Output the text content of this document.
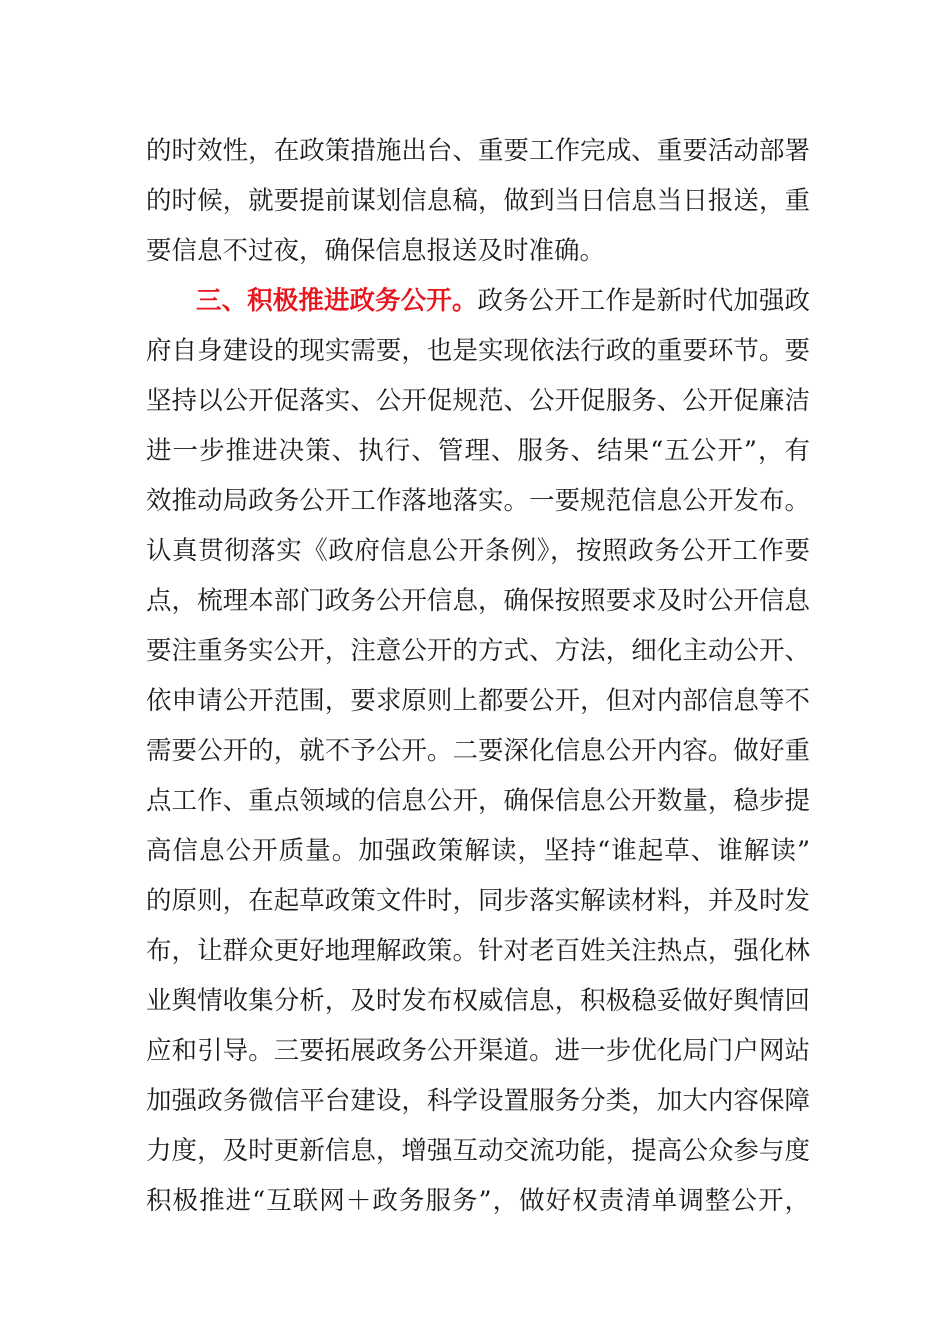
的时效性，在政策措施出台、重要工作完成、重要活动部署
的时候，就要提前谋划信息稿，做到当日信息当日报送，重
要信息不过夜，确保信息报送及时准确。
三、积极推进政务公开。政务公开工作是新时代加强政
府自身建设的现实需要，也是实现依法行政的重要环节。要
坚持以公开促落实、公开促规范、公开促服务、公开促廉洁
进一步推进决策、执行、管理、服务、结果“五公开”，有
效推动局政务公开工作落地落实。一要规范信息公开发布。
认真贯彻落实《政府信息公开条例》，按照政务公开工作要
点，梳理本部门政务公开信息，确保按照要求及时公开信息
要注重务实公开，注意公开的方式、方法，细化主动公开、
依申请公开范围，要求原则上都要公开，但对内部信息等不
需要公开的，就不予公开。二要深化信息公开内容。做好重
点工作、重点领域的信息公开，确保信息公开数量，稳步提
高信息公开质量。加强政策解读，坚持“谁起草、谁解读”
的原则，在起草政策文件时，同步落实解读材料，并及时发
布，让群众更好地理解政策。针对老百姓关注热点，强化林
业舆情收集分析，及时发布权威信息，积极稳妥做好舆情回
应和引导。三要拓展政务公开渠道。进一步优化局门户网站
加强政务微信平台建设，科学设置服务分类，加大内容保障
力度，及时更新信息，增强互动交流功能，提高公众参与度
积极推进“互联网＋政务服务”，做好权责清单调整公开，
